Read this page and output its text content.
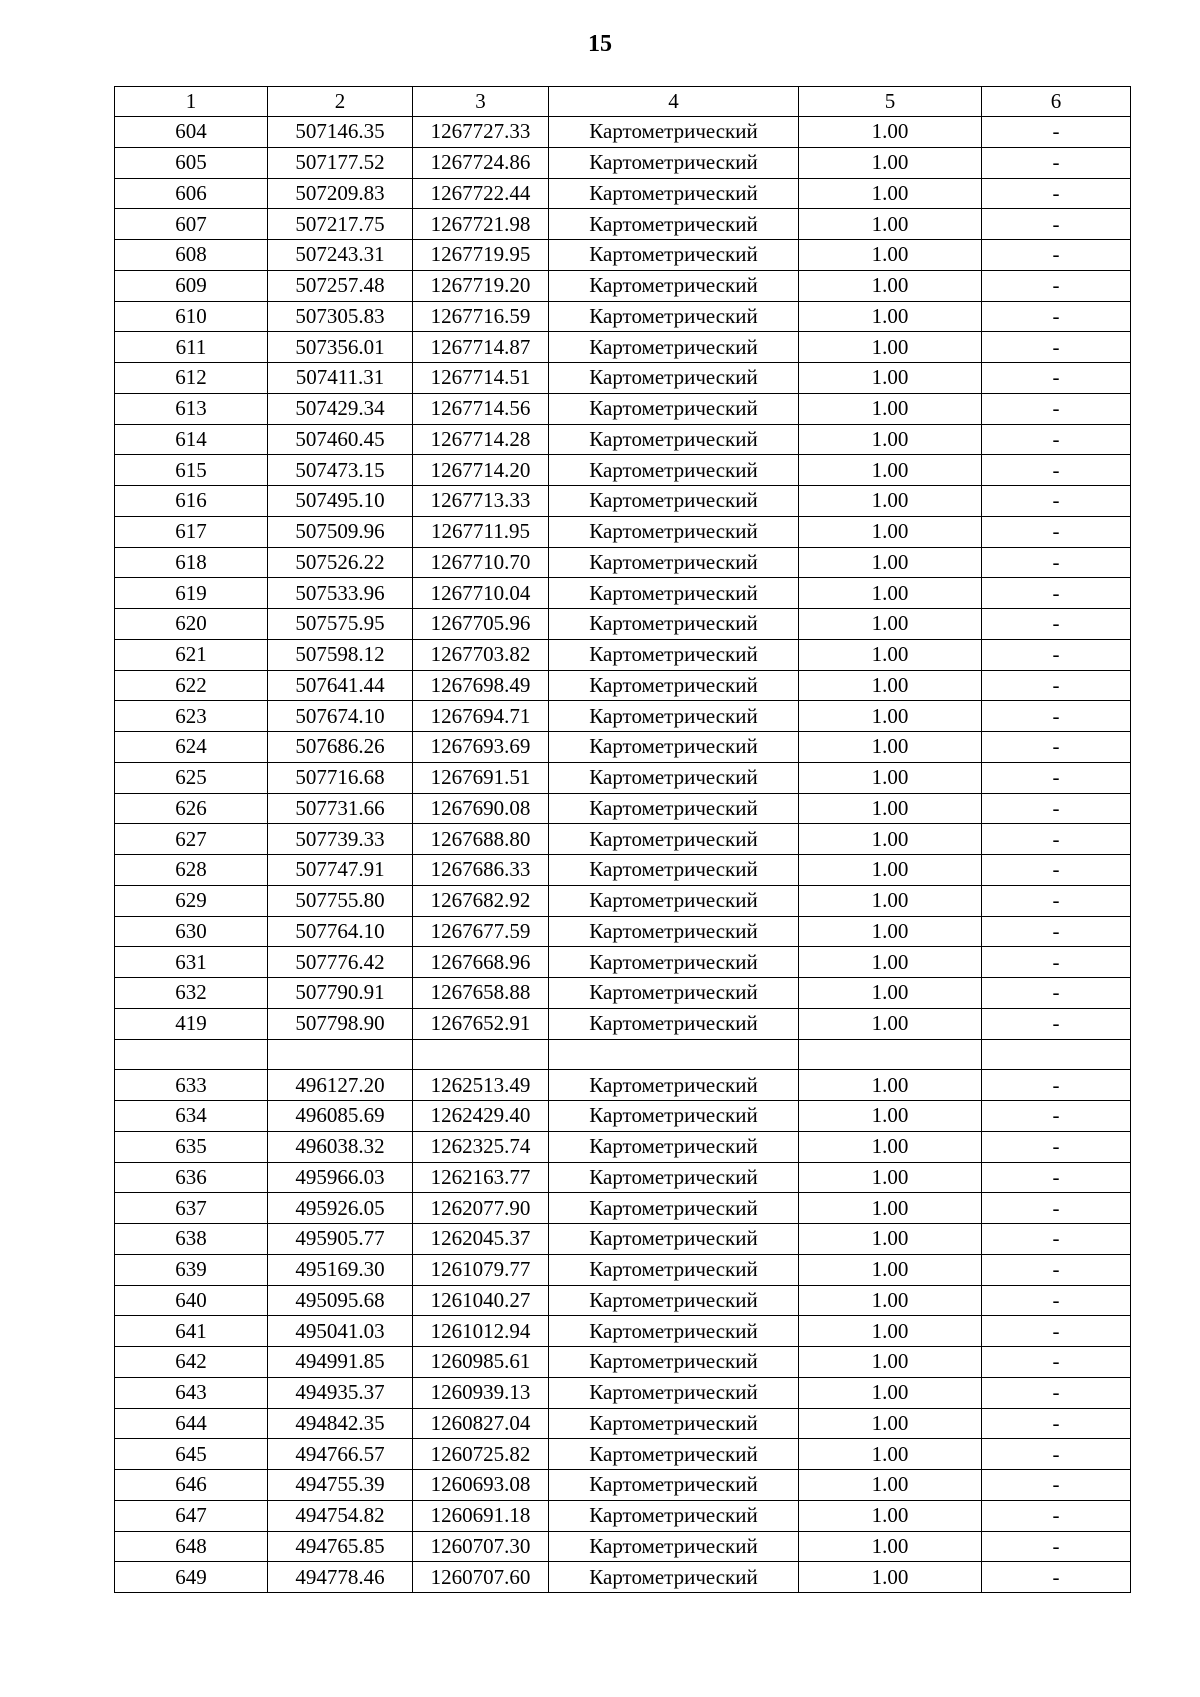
15
1	2	3	4	5	6
604	507146.35	1267727.33	Картометрический	1.00	-
605	507177.52	1267724.86	Картометрический	1.00	-
606	507209.83	1267722.44	Картометрический	1.00	-
607	507217.75	1267721.98	Картометрический	1.00	-
608	507243.31	1267719.95	Картометрический	1.00	-
609	507257.48	1267719.20	Картометрический	1.00	-
610	507305.83	1267716.59	Картометрический	1.00	-
611	507356.01	1267714.87	Картометрический	1.00	-
612	507411.31	1267714.51	Картометрический	1.00	-
613	507429.34	1267714.56	Картометрический	1.00	-
614	507460.45	1267714.28	Картометрический	1.00	-
615	507473.15	1267714.20	Картометрический	1.00	-
616	507495.10	1267713.33	Картометрический	1.00	-
617	507509.96	1267711.95	Картометрический	1.00	-
618	507526.22	1267710.70	Картометрический	1.00	-
619	507533.96	1267710.04	Картометрический	1.00	-
620	507575.95	1267705.96	Картометрический	1.00	-
621	507598.12	1267703.82	Картометрический	1.00	-
622	507641.44	1267698.49	Картометрический	1.00	-
623	507674.10	1267694.71	Картометрический	1.00	-
624	507686.26	1267693.69	Картометрический	1.00	-
625	507716.68	1267691.51	Картометрический	1.00	-
626	507731.66	1267690.08	Картометрический	1.00	-
627	507739.33	1267688.80	Картометрический	1.00	-
628	507747.91	1267686.33	Картометрический	1.00	-
629	507755.80	1267682.92	Картометрический	1.00	-
630	507764.10	1267677.59	Картометрический	1.00	-
631	507776.42	1267668.96	Картометрический	1.00	-
632	507790.91	1267658.88	Картометрический	1.00	-
419	507798.90	1267652.91	Картометрический	1.00	-

633	496127.20	1262513.49	Картометрический	1.00	-
634	496085.69	1262429.40	Картометрический	1.00	-
635	496038.32	1262325.74	Картометрический	1.00	-
636	495966.03	1262163.77	Картометрический	1.00	-
637	495926.05	1262077.90	Картометрический	1.00	-
638	495905.77	1262045.37	Картометрический	1.00	-
639	495169.30	1261079.77	Картометрический	1.00	-
640	495095.68	1261040.27	Картометрический	1.00	-
641	495041.03	1261012.94	Картометрический	1.00	-
642	494991.85	1260985.61	Картометрический	1.00	-
643	494935.37	1260939.13	Картометрический	1.00	-
644	494842.35	1260827.04	Картометрический	1.00	-
645	494766.57	1260725.82	Картометрический	1.00	-
646	494755.39	1260693.08	Картометрический	1.00	-
647	494754.82	1260691.18	Картометрический	1.00	-
648	494765.85	1260707.30	Картометрический	1.00	-
649	494778.46	1260707.60	Картометрический	1.00	-
